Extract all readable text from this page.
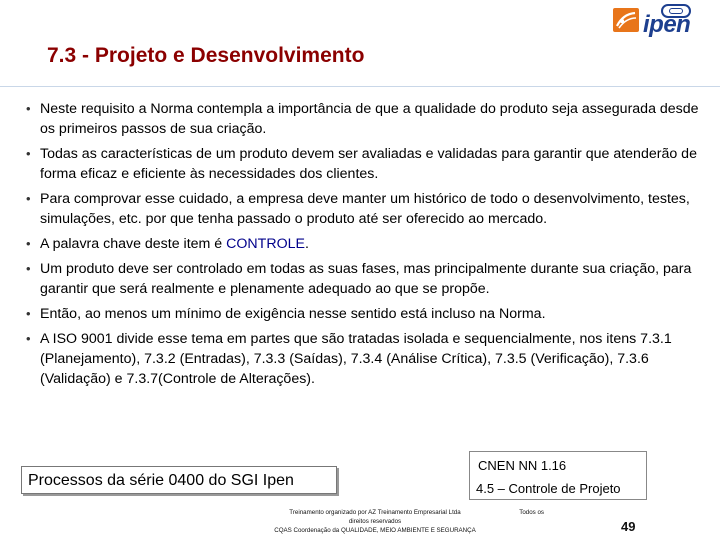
ipen
7.3 - Projeto e Desenvolvimento
• Neste requisito a Norma contempla a importância de que a qualidade do produto seja assegurada desde os primeiros passos de sua criação.
• Todas as características de um produto devem ser avaliadas e validadas para garantir que atenderão de forma eficaz e eficiente às necessidades dos clientes.
• Para comprovar esse cuidado, a empresa deve manter um histórico de todo o desenvolvimento, testes, simulações, etc. por que tenha passado o produto até ser oferecido ao mercado.
• A palavra chave deste item é CONTROLE.
• Um produto deve ser controlado em todas as suas fases, mas principalmente durante sua criação, para garantir que será realmente e plenamente adequado ao que se propõe.
• Então, ao menos um mínimo de exigência nesse sentido está incluso na Norma.
• A ISO 9001 divide esse tema em partes que são tratadas isolada e sequencialmente, nos itens 7.3.1 (Planejamento), 7.3.2 (Entradas), 7.3.3 (Saídas), 7.3.4 (Análise Crítica), 7.3.5 (Verificação), 7.3.6 (Validação) e 7.3.7(Controle de Alterações).
Processos da série 0400 do SGI Ipen
CNEN NN 1.16
4.5 – Controle de Projeto
Treinamento organizado por AZ Treinamento Empresarial Ltda	Todos os
direitos reservados
CQAS Coordenação da QUALIDADE, MEIO AMBIENTE E SEGURANÇA	49
